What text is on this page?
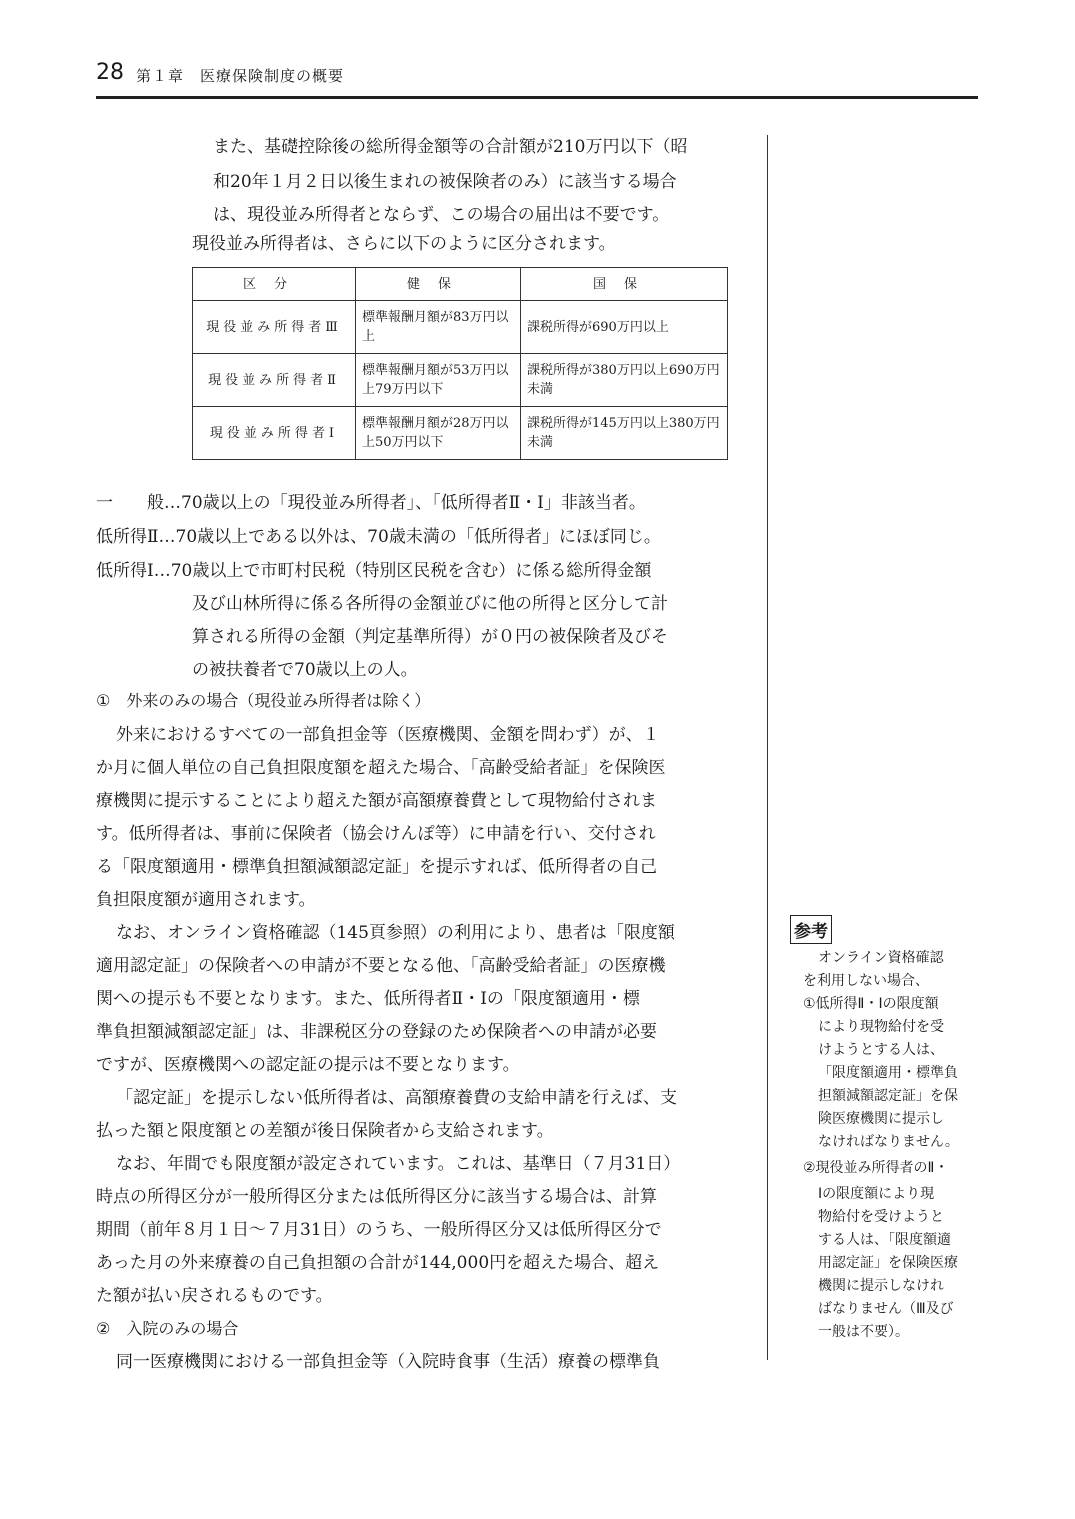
28 第１章　医療保険制度の概要
また、基礎控除後の総所得金額等の合計額が210万円以下（昭
和20年１月２日以後生まれの被保険者のみ）に該当する場合
は、現役並み所得者とならず、この場合の届出は不要です。
現役並み所得者は、さらに以下のように区分されます。
区分	健保	国保
現役並み所得者Ⅲ	標準報酬月額が83万円以上	課税所得が690万円以上
現役並み所得者Ⅱ	標準報酬月額が53万円以上79万円以下	課税所得が380万円以上690万円未満
現役並み所得者Ⅰ	標準報酬月額が28万円以上50万円以下	課税所得が145万円以上380万円未満
一　　般…70歳以上の「現役並み所得者」、「低所得者Ⅱ・Ⅰ」非該当者。
低所得Ⅱ…70歳以上である以外は、70歳未満の「低所得者」にほぼ同じ。
低所得Ⅰ…70歳以上で市町村民税（特別区民税を含む）に係る総所得金額
及び山林所得に係る各所得の金額並びに他の所得と区分して計
算される所得の金額（判定基準所得）が０円の被保険者及びそ
の被扶養者で70歳以上の人。
①　外来のみの場合（現役並み所得者は除く）
外来におけるすべての一部負担金等（医療機関、金額を問わず）が、１
か月に個人単位の自己負担限度額を超えた場合、「高齢受給者証」を保険医
療機関に提示することにより超えた額が高額療養費として現物給付されま
す。低所得者は、事前に保険者（協会けんぽ等）に申請を行い、交付され
る「限度額適用・標準負担額減額認定証」を提示すれば、低所得者の自己
負担限度額が適用されます。
なお、オンライン資格確認（145頁参照）の利用により、患者は「限度額
適用認定証」の保険者への申請が不要となる他、「高齢受給者証」の医療機
関への提示も不要となります。また、低所得者Ⅱ・Ⅰの「限度額適用・標
準負担額減額認定証」は、非課税区分の登録のため保険者への申請が必要
ですが、医療機関への認定証の提示は不要となります。
「認定証」を提示しない低所得者は、高額療養費の支給申請を行えば、支
払った額と限度額との差額が後日保険者から支給されます。
なお、年間でも限度額が設定されています。これは、基準日（７月31日）
時点の所得区分が一般所得区分または低所得区分に該当する場合は、計算
期間（前年８月１日～７月31日）のうち、一般所得区分又は低所得区分で
あった月の外来療養の自己負担額の合計が144,000円を超えた場合、超え
た額が払い戻されるものです。
②　入院のみの場合
同一医療機関における一部負担金等（入院時食事（生活）療養の標準負
参考
オンライン資格確認
を利用しない場合、
①低所得Ⅱ・Ⅰの限度額
により現物給付を受
けようとする人は、
「限度額適用・標準負
担額減額認定証」を保
険医療機関に提示し
なければなりません。
②現役並み所得者のⅡ・
Ⅰの限度額により現
物給付を受けようと
する人は、「限度額適
用認定証」を保険医療
機関に提示しなけれ
ばなりません（Ⅲ及び
一般は不要）。
